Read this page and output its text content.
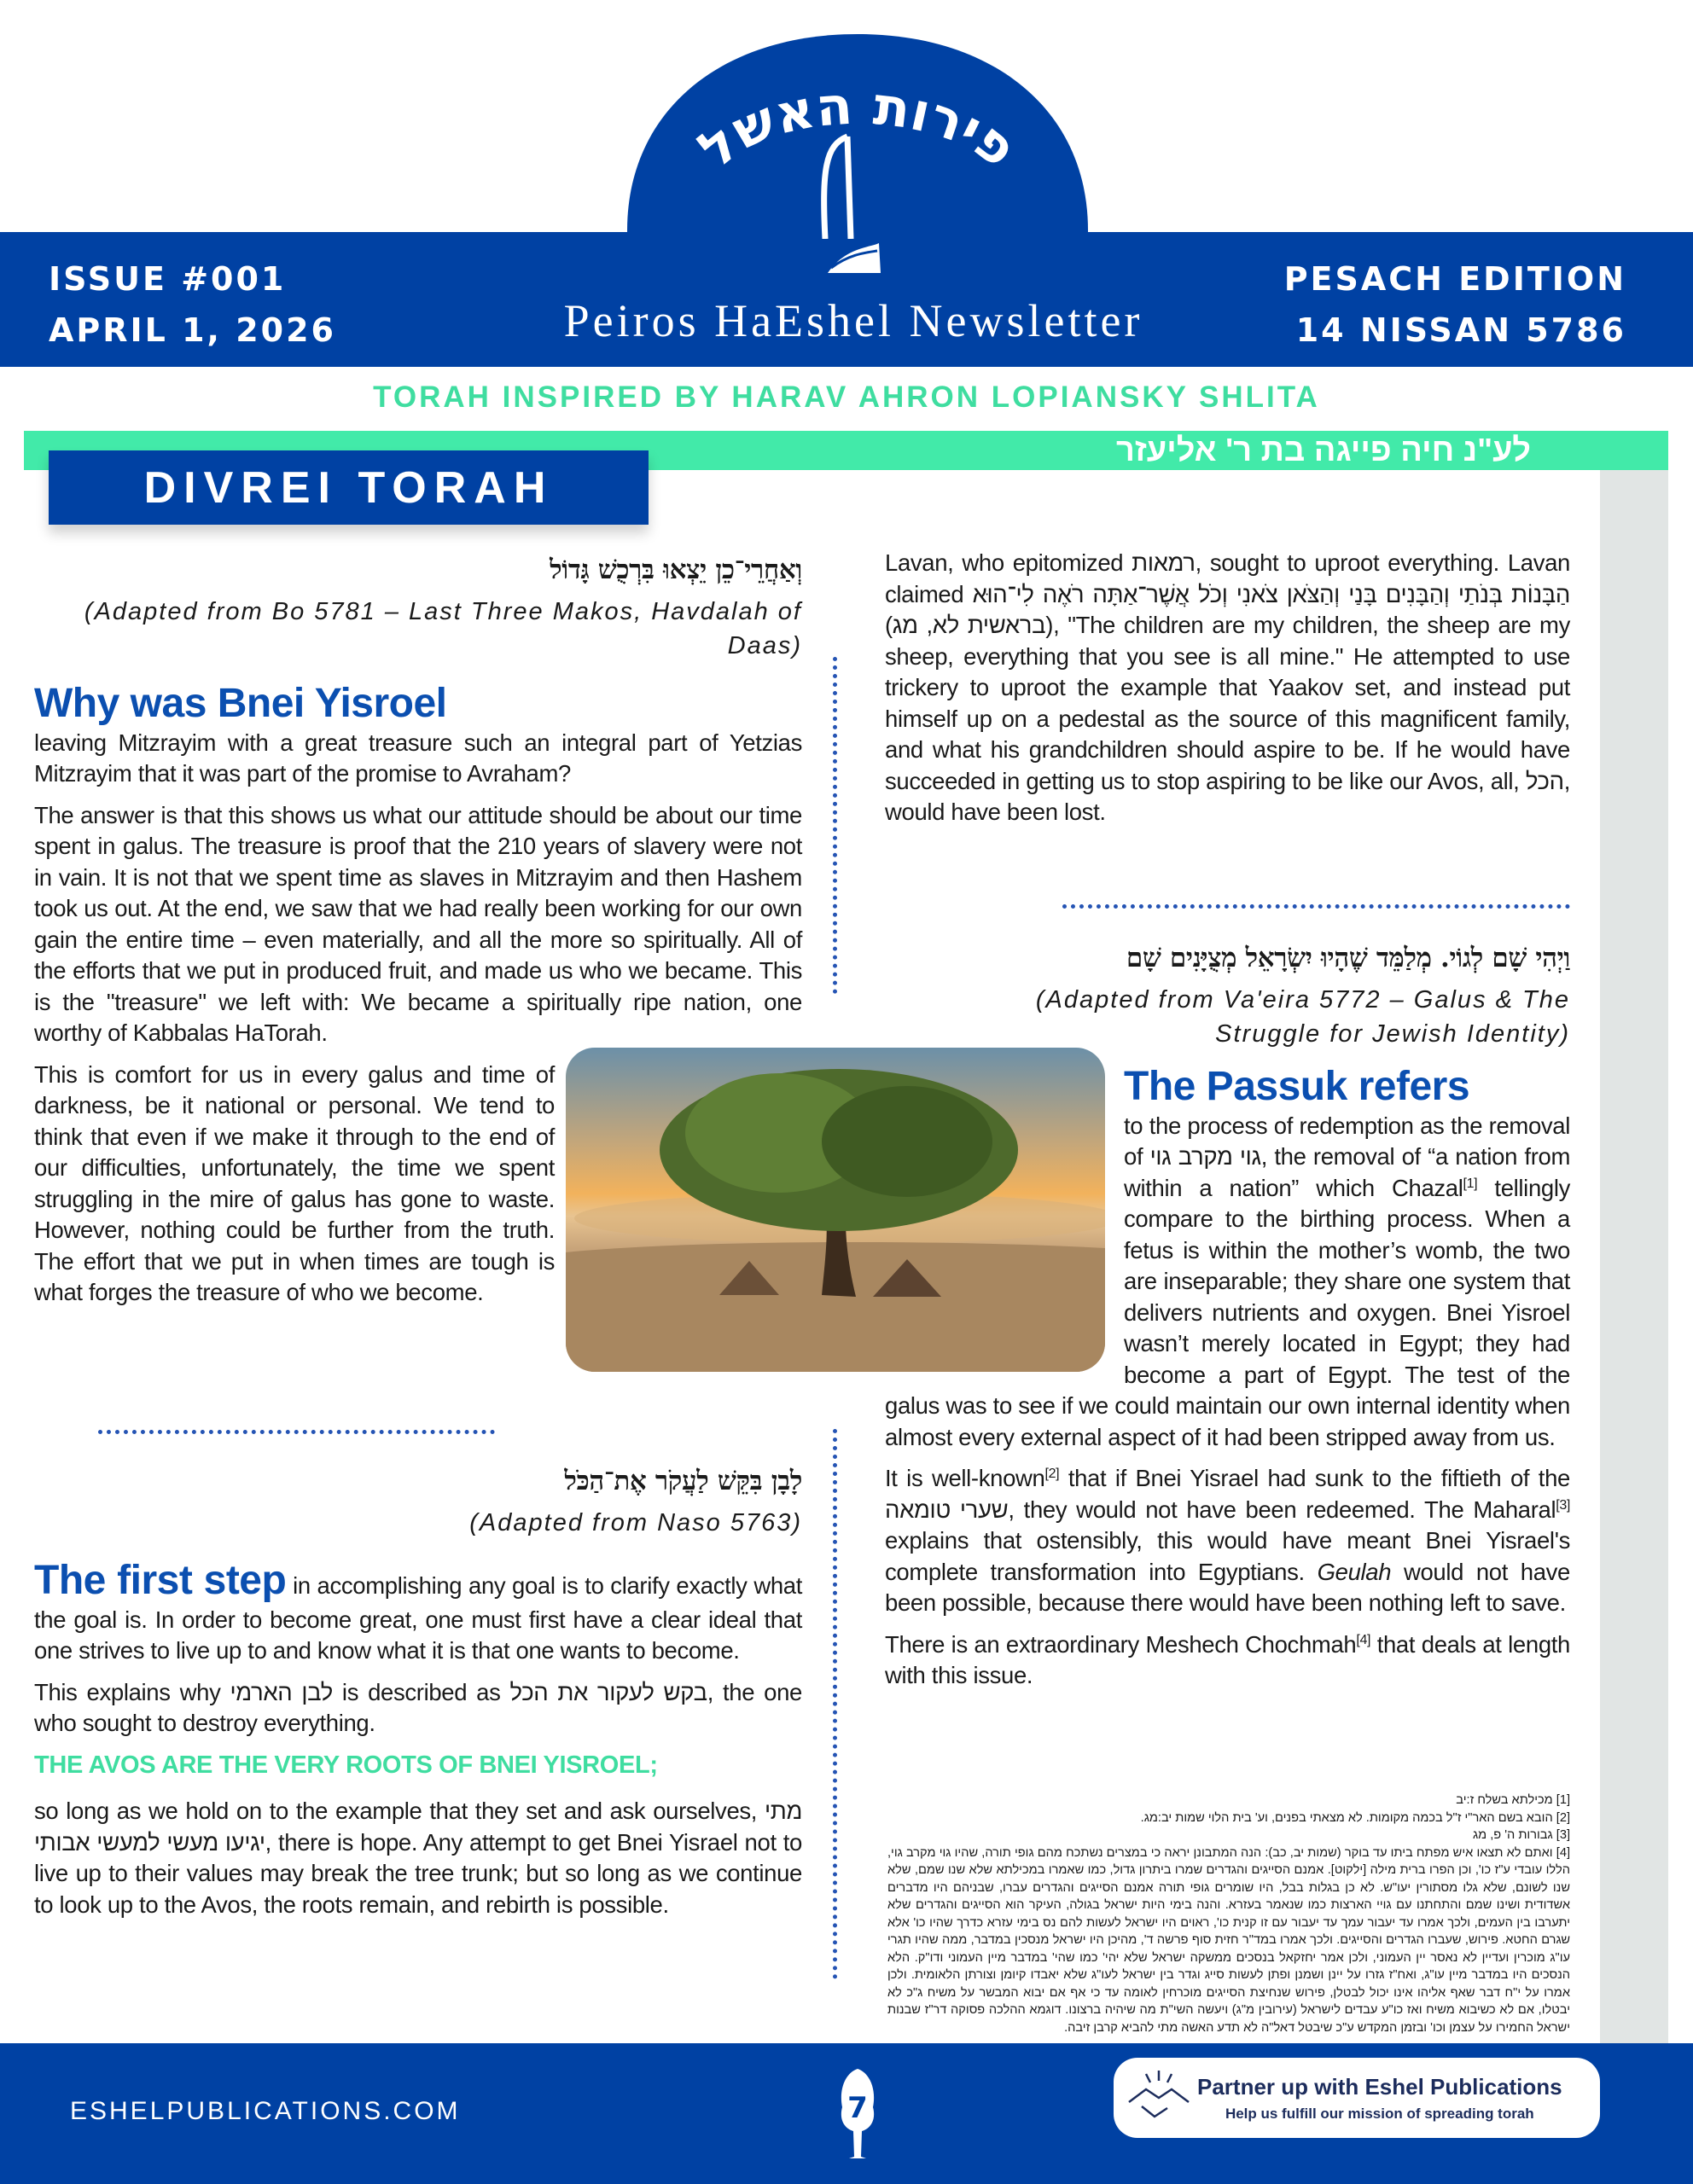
פירות האשל
ISSUE #001
APRIL 1, 2026	Peiros HaEshel Newsletter
PESACH EDITION
14 NISSAN 5786
TORAH INSPIRED BY HARAV AHRON LOPIANSKY SHLITA
לע"נ חיה פייגה בת ר' אליעזר
DIVREI TORAH
וְאַחֲרֵי־כֵן יֵצְאוּ בִּרְכֻשׁ גָּדוֹל
(Adapted from Bo 5781 – Last Three Makos, Havdalah of Daas)
Why was Bnei Yisroel

leaving Mitzrayim with a great treasure such an integral part of Yetzias Mitzrayim that it was part of the promise to Avraham?

The answer is that this shows us what our attitude should be about our time spent in galus. The treasure is proof that the 210 years of slavery were not in vain. It is not that we spent time as slaves in Mitzrayim and then Hashem took us out. At the end, we saw that we had really been working for our own gain the entire time – even materially, and all the more so spiritually. All of the efforts that we put in produced fruit, and made us who we became. This is the "treasure" we left with: We became a spiritually ripe nation, one worthy of Kabbalas HaTorah.

This is comfort for us in every galus and time of darkness, be it national or personal. We tend to think that even if we make it through to the end of our difficulties, unfortunately, the time we spent struggling in the mire of galus has gone to waste. However, nothing could be further from the truth. The effort that we put in when times are tough is what forges the treasure of who we become.

לָבָן בִּקֵּשׁ לַעֲקֹר אֶת־הַכֹּל
(Adapted from Naso 5763)

The first step in accomplishing any goal is to clarify exactly what the goal is. In order to become great, one must first have a clear ideal that one strives to live up to and know what it is that one wants to become.

This explains why לבן הארמי is described as בקש לעקור את הכל, the one who sought to destroy everything.

THE AVOS ARE THE VERY ROOTS OF BNEI YISROEL;

so long as we hold on to the example that they set and ask ourselves, מתי יגיעו מעשי למעשי אבותי, there is hope. Any attempt to get Bnei Yisrael not to live up to their values may break the tree trunk; but so long as we continue to look up to the Avos, the roots remain, and rebirth is possible.

Lavan, who epitomized רמאות, sought to uproot everything. Lavan claimed הַבָּנוֹת בְּנֹתַי וְהַבָּנִים בָּנַי וְהַצֹּאן צֹאנִי וְכֹל אֲשֶׁר־אַתָּה רֹאֶה לִי־הוּא (בראשית לא, מג), "The children are my children, the sheep are my sheep, everything that you see is all mine." He attempted to use trickery to uproot the example that Yaakov set, and instead put himself up on a pedestal as the source of this magnificent family, and what his grandchildren should aspire to be. If he would have succeeded in getting us to stop aspiring to be like our Avos, all, הכל, would have been lost.

וַיְהִי שָׁם לְגוֹי. מְלַמֵּד שֶׁהָיוּ יִשְׂרָאֵל מְצֻיָּנִים שָׁם
(Adapted from Va'eira 5772 – Galus & The Struggle for Jewish Identity)
The Passuk refers

to the process of redemption as the removal of גוי מקרב גוי, the removal of “a nation from within a nation” which Chazal[1] tellingly compare to the birthing process. When a fetus is within the mother’s womb, the two are inseparable; they share one system that delivers nutrients and oxygen. Bnei Yisroel wasn’t merely located in Egypt; they had become a part of Egypt. The test of the galus was to see if we could maintain our own internal identity when almost every external aspect of it had been stripped away from us.

It is well-known[2] that if Bnei Yisrael had sunk to the fiftieth of the שערי טומאה, they would not have been redeemed. The Maharal[3] explains that ostensibly, this would have meant Bnei Yisrael's complete transformation into Egyptians. Geulah would not have been possible, because there would have been nothing left to save.

There is an extraordinary Meshech Chochmah[4] that deals at length with this issue.

[1] מכילתא בשלח ז:יב
[2] הובא בשם האר"י ז"ל בכמה מקומות. לא מצאתי בפנים, וע' בית הלוי שמות יב:מג.
[3] גבורות ה' פ, מג
[4] ואתם לא תצאו איש מפתח ביתו עד בוקר (שמות יב, כב): הנה המתבונן יראה כי במצרים נשתכח מהם גופי תורה, שהיו גוי מקרב גוי, הללו עובדי ע"ז כו', וכן הפרו ברית מילה [ילקוט]. אמנם הסייגים והגדרים שמרו ביתרון גדול, כמו שאמרו במכילתא שלא שנו שמם, שלא שנו לשונם, שלא גלו מסתורין יעו"ש. לא כן בגלות בבל, היו שומרים גופי תורה אמנם הסייגים והגדרים עברו, שבניהם היו מדברים אשדודית ושינו שמם והתחתנו עם גויי הארצות כמו שנאמר בעזרא. והנה בימי היות ישראל בגולה, העיקר הוא הסייגים והגדרים שלא יתערבו בין העמים, ולכך אמרו עד יעבור עמך עד יעבור עם זו קנית כו', ראוים היו ישראל לעשות להם נס בימי עזרא כדרך שהיו כו' אלא שגרם החטא. פירוש, שעברו הגדרים והסייגים. ולכך אמרו במד"ר חזית סוף פרשה ד', מהיכן היו ישראל מנסכין במדבר, ממה שהיו תגרי עו"ג מוכרין ועדיין לא נאסר יין העמוני, ולכן אמר יחזקאל בנסכים ממשקה ישראל שלא יהי' כמו שהי' במדבר מיין העמוני ודו"ק. הלא הנסכים היו במדבר מיין עו"ג, ואח"ז גזרו על יינן ושמנן ופתן לעשות סייג וגדר בין ישראל לעו"ג שלא יאבדו קיומן וצורתן הלאומית. ולכן אמרו על י"ח דבר שאף אליהו אינו יכול לבטלן, פירוש שנחיצת הסייגים מוכרחין לאומה עד כי אף אם יבוא המבשר על משיח ג"כ לא יבטלו, אם לא כשיבוא משיח ואז כו"ע עבדים לישראל (עירובין מ"ג) ויעשה השי"ת מה שיהיה ברצונו. דוגמא ההלכה פסוקה דר"ז שבנות ישראל החמירו על עצמן וכו' ובזמן המקדש ע"כ שיבטל דאל"ה לא תדע האשה מתי להביא קרבן זיבה.
ESHELPUBLICATIONS.COM	7
Partner up with Eshel Publications
Help us fulfill our mission of spreading torah
